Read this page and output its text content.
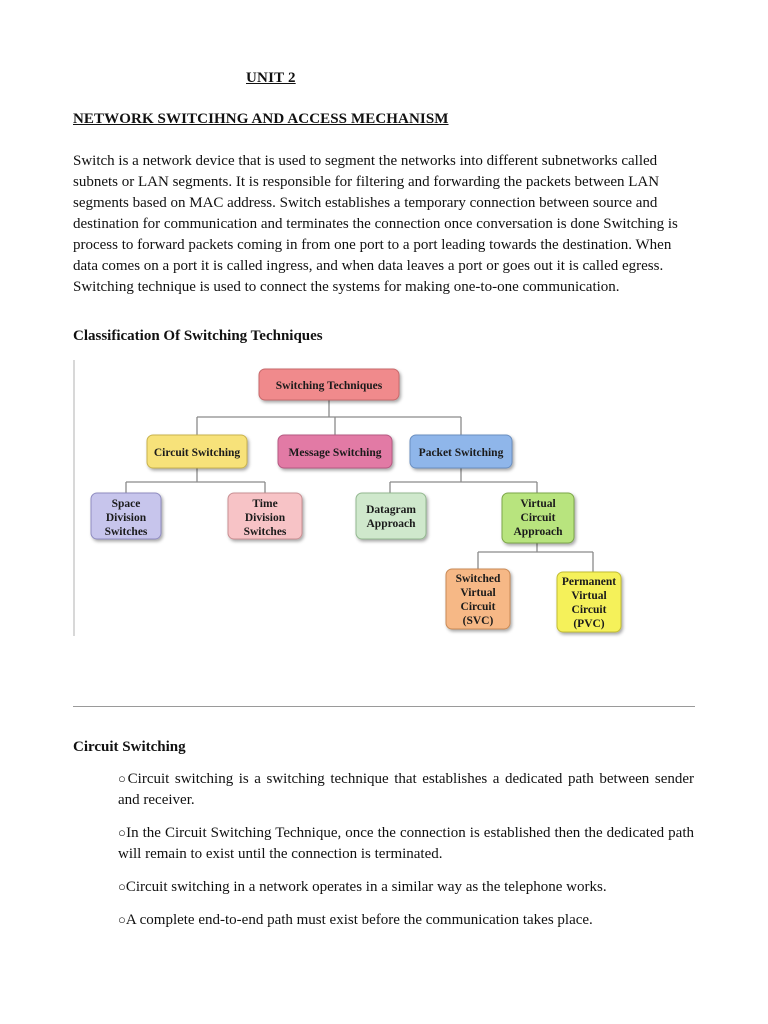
UNIT 2
NETWORK SWITCIHNG AND ACCESS MECHANISM

Switch is a network device that is used to segment the networks into different subnetworks called subnets or LAN segments. It is responsible for filtering and forwarding the packets between LAN segments based on MAC address. Switch establishes a temporary connection between source and destination for communication and terminates the connection once conversation is done Switching is process to forward packets coming in from one port to a port leading towards the destination. When data comes on a port it is called ingress, and when data leaves a port or goes out it is called egress.

Switching technique is used to connect the systems for making one-to-one communication.

Classification Of Switching Techniques
Switching Techniques
Circuit Switching	Message Switching	Packet Switching
Space
Division
Switches
Time
Division
Switches
Datagram
Approach
Virtual
Circuit
Approach
Switched
Virtual
Circuit
(SVC)
Permanent
Virtual
Circuit
(PVC)
Circuit Switching
○Circuit switching is a switching technique that establishes a dedicated path between sender and receiver.
○In the Circuit Switching Technique, once the connection is established then the dedicated path will remain to exist until the connection is terminated.
○Circuit switching in a network operates in a similar way as the telephone works.
○A complete end-to-end path must exist before the communication takes place.
